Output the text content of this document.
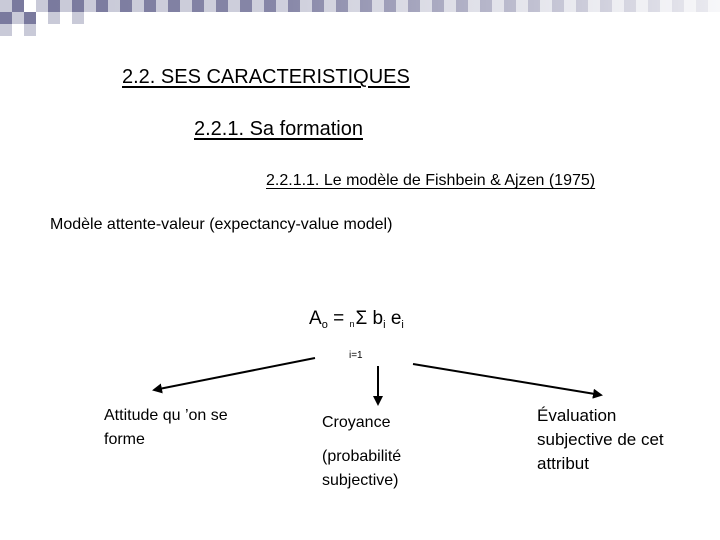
2.2. SES CARACTERISTIQUES
2.2.1. Sa formation
2.2.1.1. Le modèle de Fishbein & Ajzen (1975)
Modèle attente-valeur (expectancy-value model)
$A_o = _n\Sigma$ $b_i$ $e_i$
i=1
Attitude qu ’on se forme
Croyance
(probabilité subjective)
Évaluation subjective de cet attribut
